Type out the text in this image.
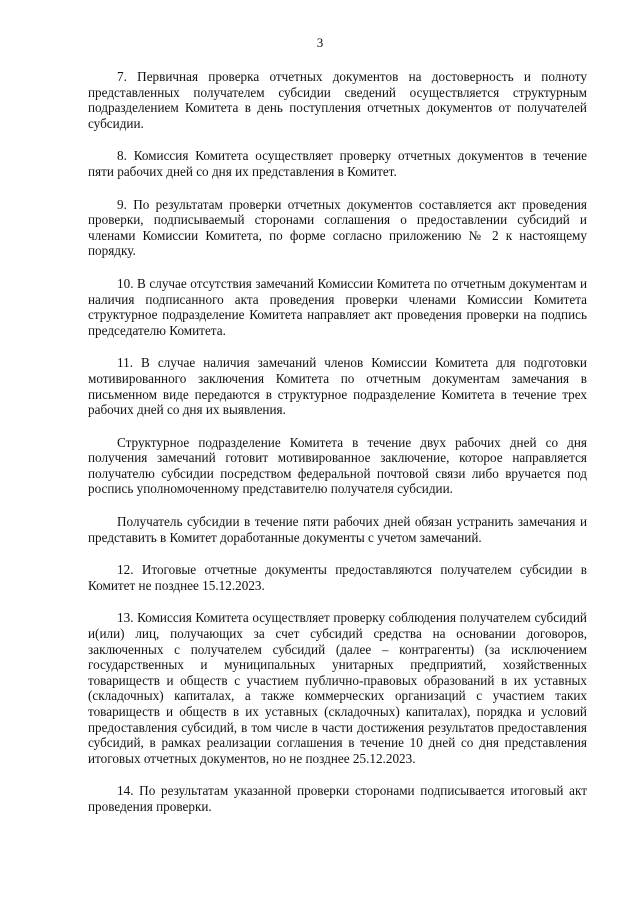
3

7. Первичная проверка отчетных документов на достоверность и полноту представленных получателем субсидии сведений осуществляется структурным подразделением Комитета в день поступления отчетных документов от получателей субсидии.

8. Комиссия Комитета осуществляет проверку отчетных документов в течение пяти рабочих дней со дня их представления в Комитет.

9. По результатам проверки отчетных документов составляется акт проведения проверки, подписываемый сторонами соглашения о предоставлении субсидий и членами Комиссии Комитета, по форме согласно приложению № 2 к настоящему порядку.

10. В случае отсутствия замечаний Комиссии Комитета по отчетным документам и наличия подписанного акта проведения проверки членами Комиссии Комитета структурное подразделение Комитета направляет акт проведения проверки на подпись председателю Комитета.

11. В случае наличия замечаний членов Комиссии Комитета для подготовки мотивированного заключения Комитета по отчетным документам замечания в письменном виде передаются в структурное подразделение Комитета в течение трех рабочих дней со дня их выявления.

Структурное подразделение Комитета в течение двух рабочих дней со дня получения замечаний готовит мотивированное заключение, которое направляется получателю субсидии посредством федеральной почтовой связи либо вручается под роспись уполномоченному представителю получателя субсидии.

Получатель субсидии в течение пяти рабочих дней обязан устранить замечания и представить в Комитет доработанные документы с учетом замечаний.

12. Итоговые отчетные документы предоставляются получателем субсидии в Комитет не позднее 15.12.2023.

13. Комиссия Комитета осуществляет проверку соблюдения получателем субсидий и(или) лиц, получающих за счет субсидий средства на основании договоров, заключенных с получателем субсидий (далее – контрагенты) (за исключением государственных и муниципальных унитарных предприятий, хозяйственных товариществ и обществ с участием публично-правовых образований в их уставных (складочных) капиталах, а также коммерческих организаций с участием таких товариществ и обществ в их уставных (складочных) капиталах), порядка и условий предоставления субсидий, в том числе в части достижения результатов предоставления субсидий, в рамках реализации соглашения в течение 10 дней со дня представления итоговых отчетных документов, но не позднее 25.12.2023.

14. По результатам указанной проверки сторонами подписывается итоговый акт проведения проверки.
